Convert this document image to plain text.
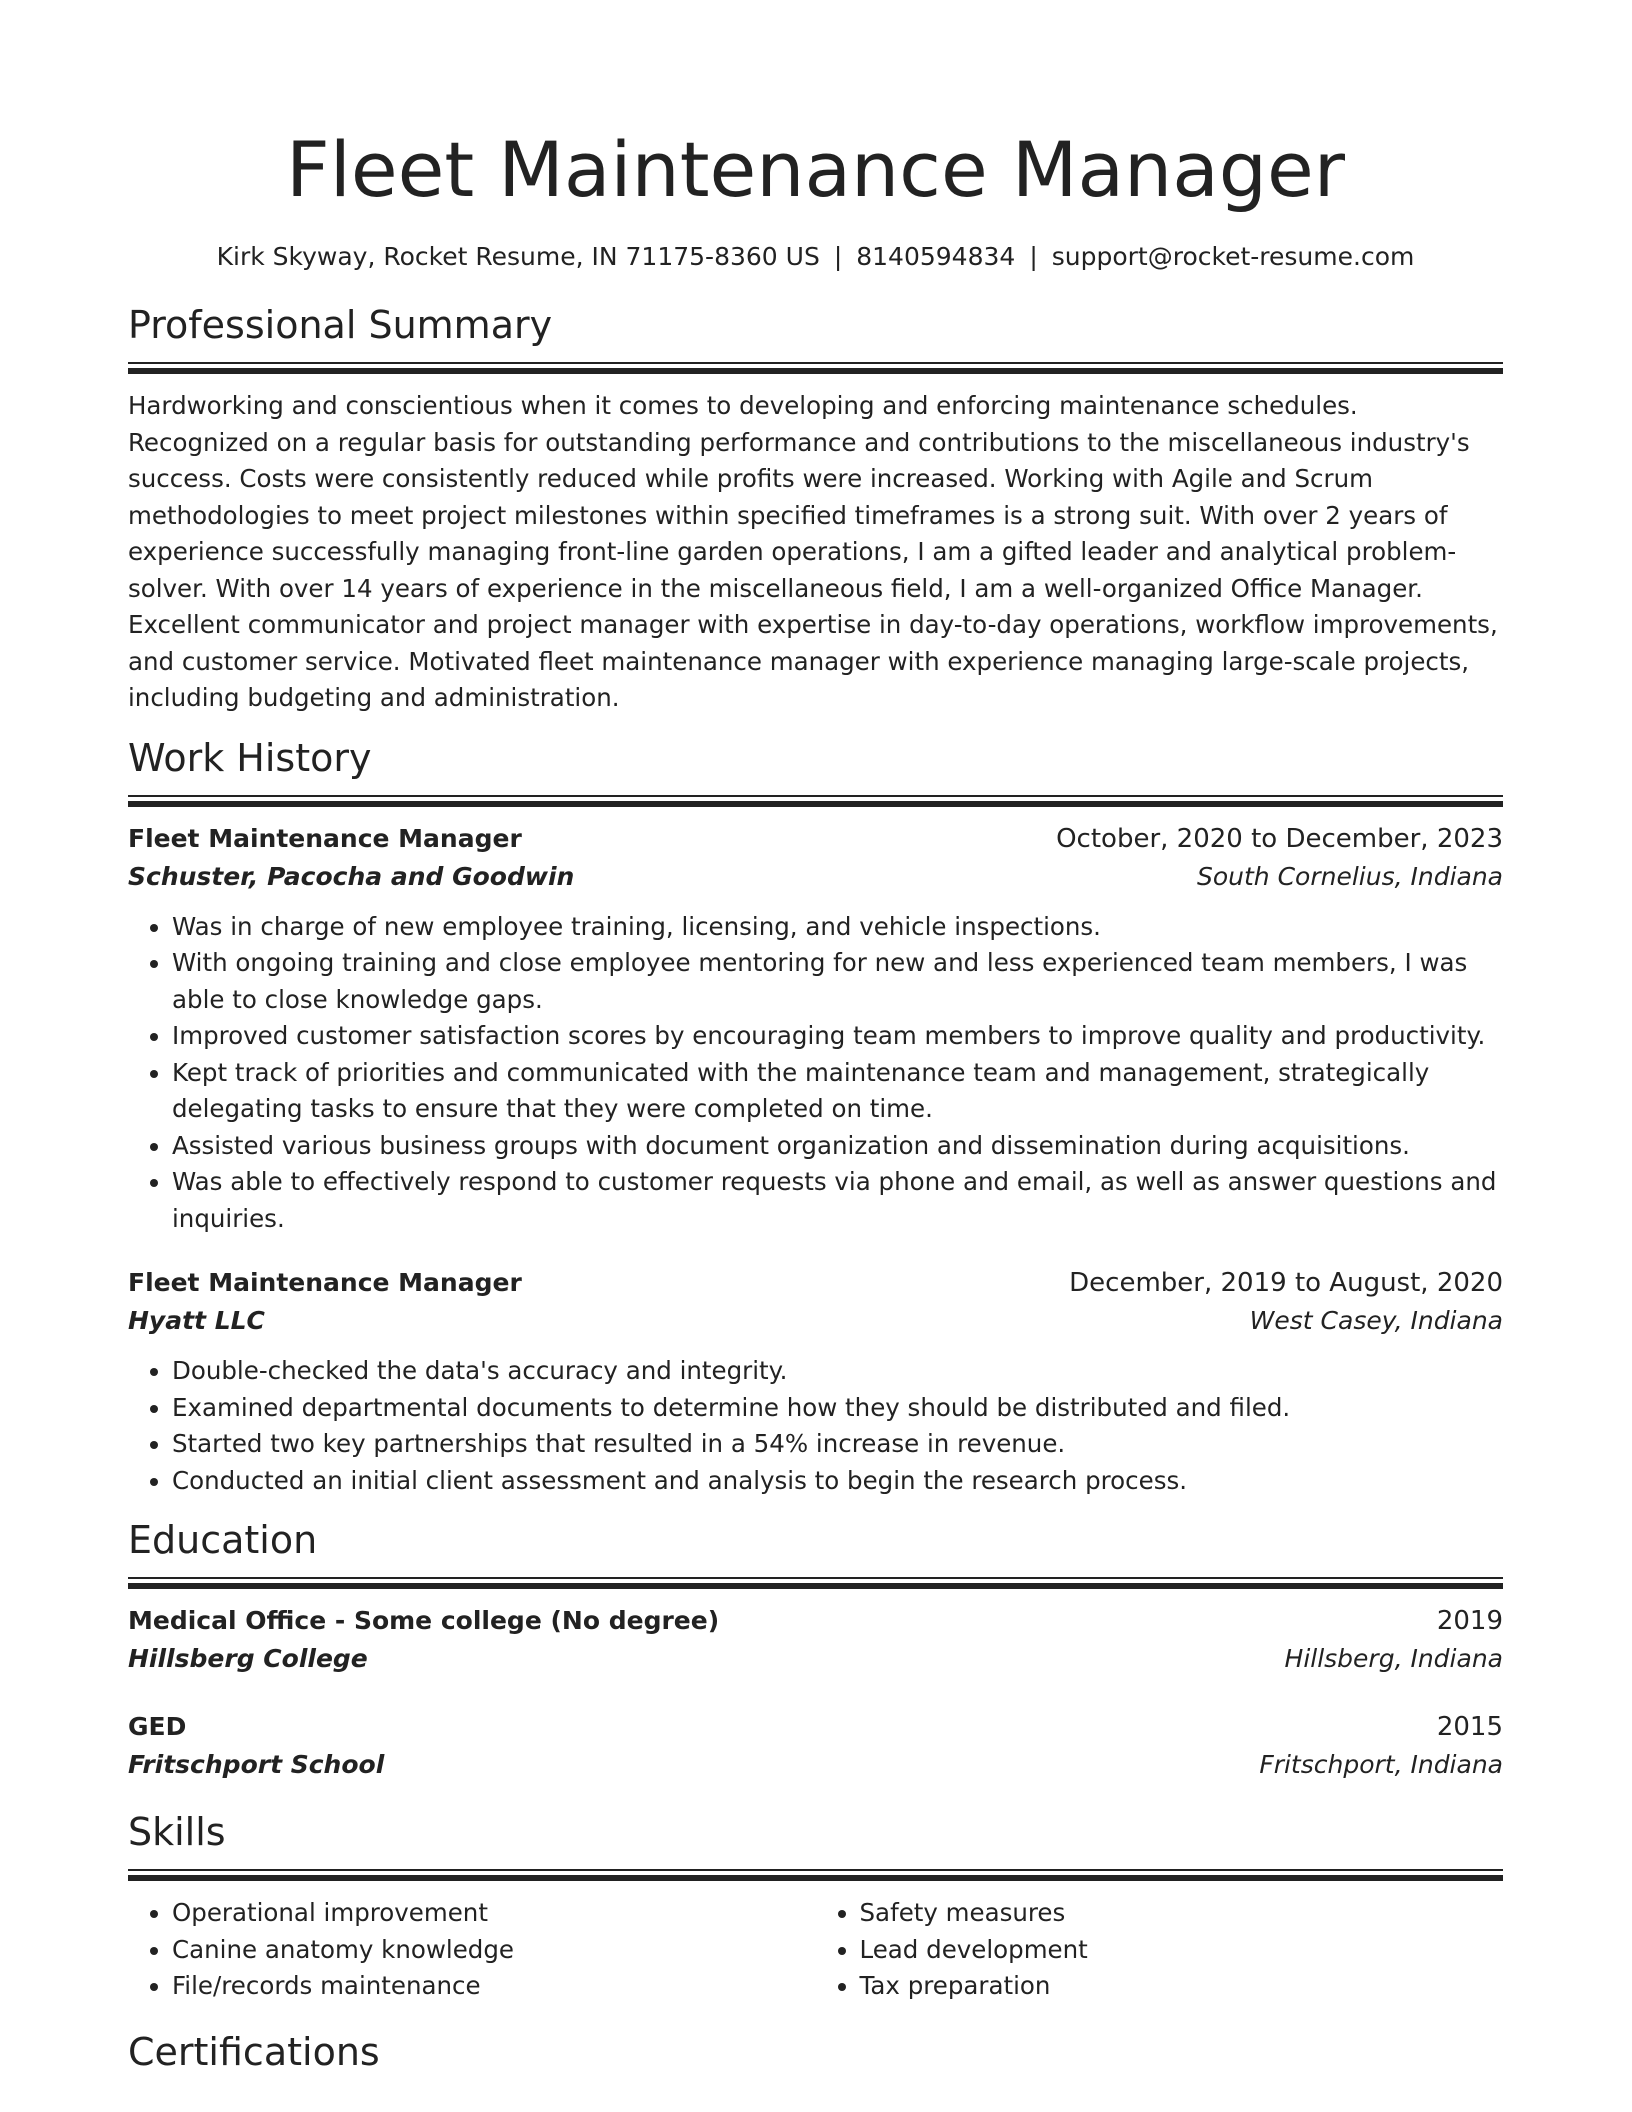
Fleet Maintenance Manager
Kirk Skyway, Rocket Resume, IN 71175-8360 US | 8140594834 | support@rocket-resume.com
Professional Summary
Hardworking and conscientious when it comes to developing and enforcing maintenance schedules. Recognized on a regular basis for outstanding performance and contributions to the miscellaneous industry's success. Costs were consistently reduced while profits were increased. Working with Agile and Scrum methodologies to meet project milestones within specified timeframes is a strong suit. With over 2 years of experience successfully managing front-line garden operations, I am a gifted leader and analytical problem-solver. With over 14 years of experience in the miscellaneous field, I am a well-organized Office Manager. Excellent communicator and project manager with expertise in day-to-day operations, workflow improvements, and customer service. Motivated fleet maintenance manager with experience managing large-scale projects, including budgeting and administration.
Work History
Fleet Maintenance Manager	October, 2020 to December, 2023
Schuster, Pacocha and Goodwin	South Cornelius, Indiana
• Was in charge of new employee training, licensing, and vehicle inspections.
• With ongoing training and close employee mentoring for new and less experienced team members, I was able to close knowledge gaps.
• Improved customer satisfaction scores by encouraging team members to improve quality and productivity.
• Kept track of priorities and communicated with the maintenance team and management, strategically delegating tasks to ensure that they were completed on time.
• Assisted various business groups with document organization and dissemination during acquisitions.
• Was able to effectively respond to customer requests via phone and email, as well as answer questions and inquiries.
Fleet Maintenance Manager	December, 2019 to August, 2020
Hyatt LLC	West Casey, Indiana
• Double-checked the data's accuracy and integrity.
• Examined departmental documents to determine how they should be distributed and filed.
• Started two key partnerships that resulted in a 54% increase in revenue.
• Conducted an initial client assessment and analysis to begin the research process.
Education
Medical Office - Some college (No degree)	2019
Hillsberg College	Hillsberg, Indiana
GED	2015
Fritschport School	Fritschport, Indiana
Skills
• Operational improvement
• Canine anatomy knowledge
• File/records maintenance
• Safety measures
• Lead development
• Tax preparation
Certifications
